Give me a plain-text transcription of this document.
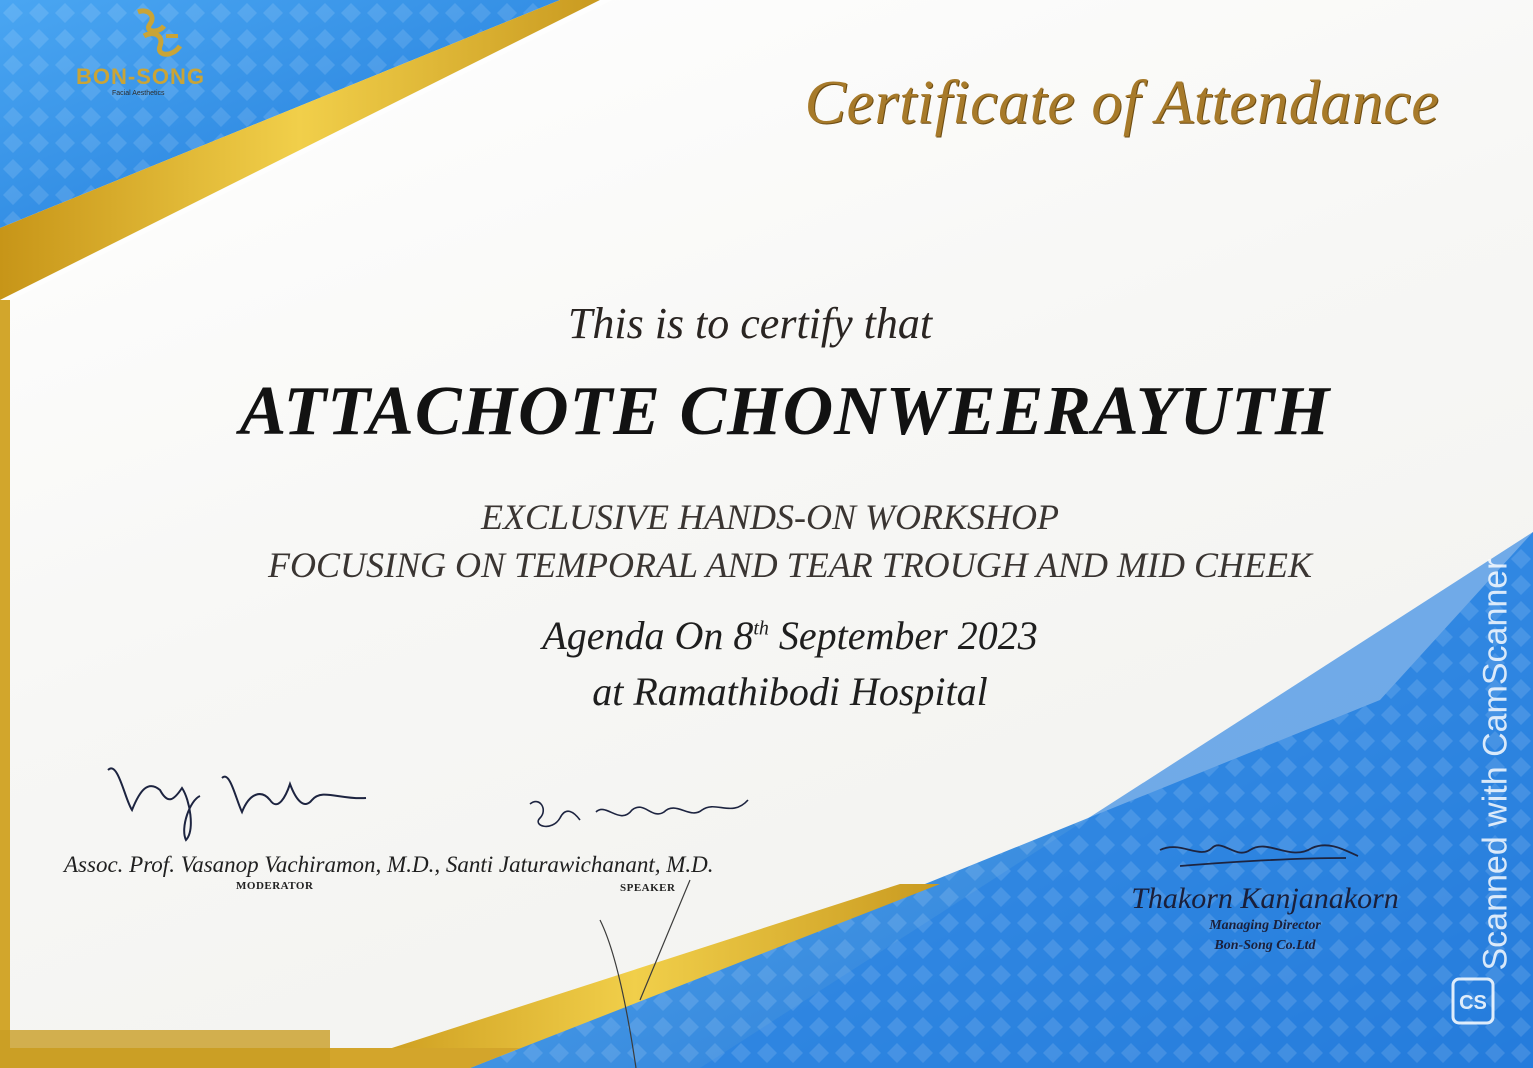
BON-SONG
Facial Aesthetics	Certificate of Attendance
This is to certify that
ATTACHOTE CHONWEERAYUTH
EXCLUSIVE HANDS-ON WORKSHOP
FOCUSING ON TEMPORAL AND TEAR TROUGH AND MID CHEEK
Agenda On 8th September 2023
at Ramathibodi Hospital
Assoc. Prof. Vasanop Vachiramon, M.D., Santi Jaturawichanant, M.D.
MODERATOR	SPEAKER	Thakorn Kanjanakorn
Managing Director
Bon-Song Co.Ltd	Scanned with CamScanner
CS
